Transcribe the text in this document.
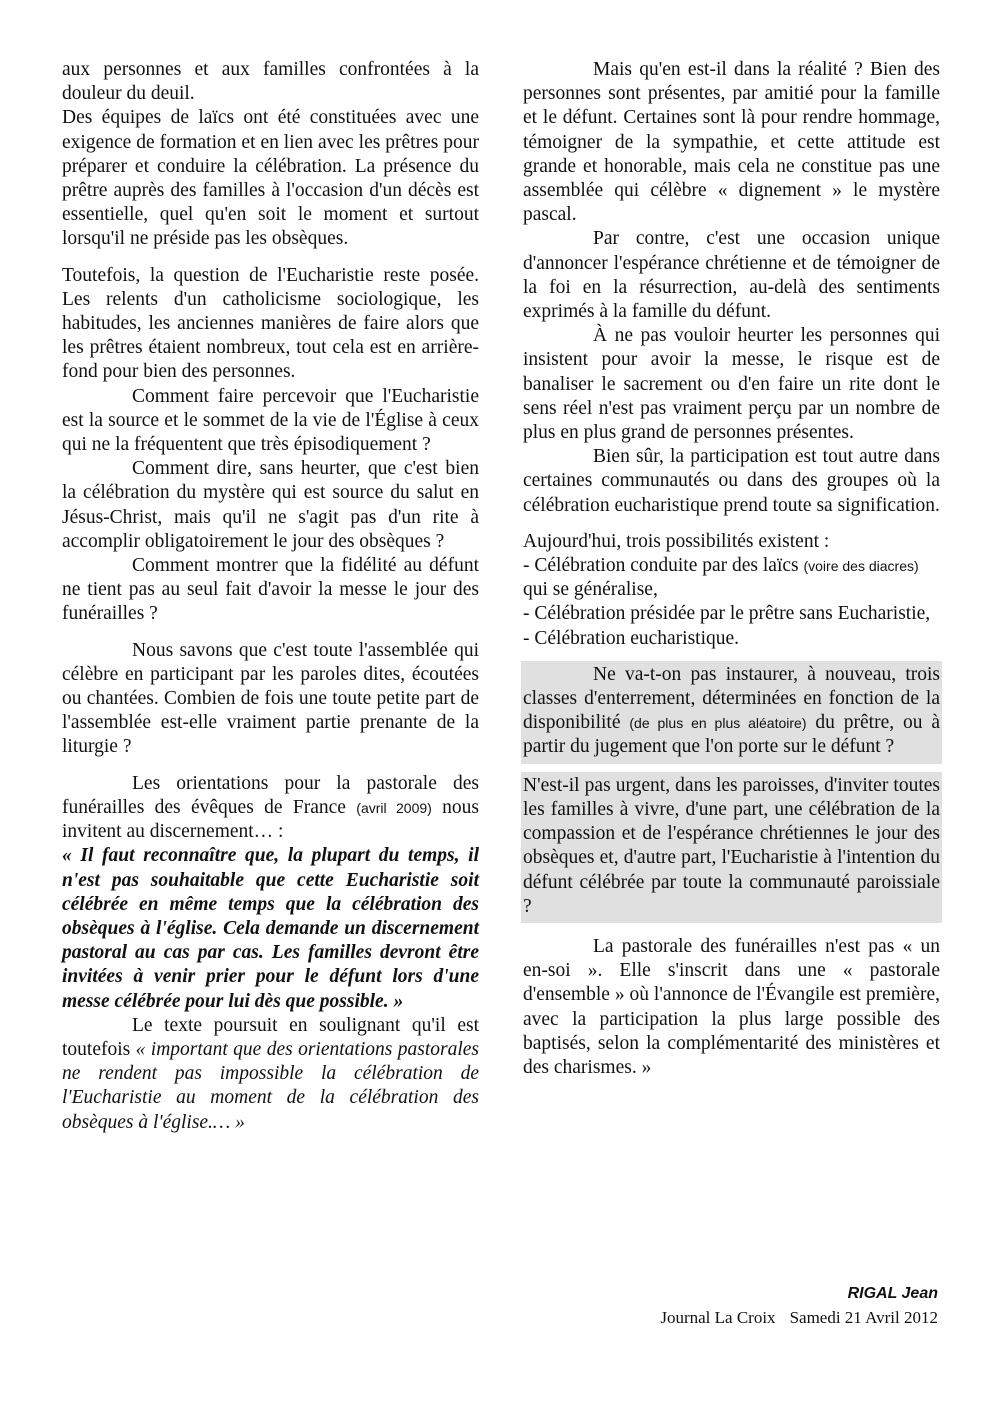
aux personnes et aux familles confrontées à la douleur du deuil.

Des équipes de laïcs ont été constituées avec une exigence de formation et en lien avec les prêtres pour préparer et conduire la célébration. La présence du prêtre auprès des familles à l'occasion d'un décès est essentielle, quel qu'en soit le moment et surtout lorsqu'il ne préside pas les obsèques.

Toutefois, la question de l'Eucharistie reste posée. Les relents d'un catholicisme sociologique, les habitudes, les anciennes manières de faire alors que les prêtres étaient nombreux, tout cela est en arrière-fond pour bien des personnes.

Comment faire percevoir que l'Eucharistie est la source et le sommet de la vie de l'Église à ceux qui ne la fréquentent que très épisodiquement ?

Comment dire, sans heurter, que c'est bien la célébration du mystère qui est source du salut en Jésus-Christ, mais qu'il ne s'agit pas d'un rite à accomplir obligatoirement le jour des obsèques ?

Comment montrer que la fidélité au défunt ne tient pas au seul fait d'avoir la messe le jour des funérailles ?

Nous savons que c'est toute l'assemblée qui célèbre en participant par les paroles dites, écoutées ou chantées. Combien de fois une toute petite part de l'assemblée est-elle vraiment partie prenante de la liturgie ?

Les orientations pour la pastorale des funérailles des évêques de France (avril 2009) nous invitent au discernement… :

« Il faut reconnaître que, la plupart du temps, il n'est pas souhaitable que cette Eucharistie soit célébrée en même temps que la célébration des obsèques à l'église. Cela demande un discernement pastoral au cas par cas. Les familles devront être invitées à venir prier pour le défunt lors d'une messe célébrée pour lui dès que possible. »

Le texte poursuit en soulignant qu'il est toutefois « important que des orientations pastorales ne rendent pas impossible la célébration de l'Eucharistie au moment de la célébration des obsèques à l'église.… »

Mais qu'en est-il dans la réalité ? Bien des personnes sont présentes, par amitié pour la famille et le défunt. Certaines sont là pour rendre hommage, témoigner de la sympathie, et cette attitude est grande et honorable, mais cela ne constitue pas une assemblée qui célèbre « dignement » le mystère pascal.

Par contre, c'est une occasion unique d'annoncer l'espérance chrétienne et de témoigner de la foi en la résurrection, au-delà des sentiments exprimés à la famille du défunt.

À ne pas vouloir heurter les personnes qui insistent pour avoir la messe, le risque est de banaliser le sacrement ou d'en faire un rite dont le sens réel n'est pas vraiment perçu par un nombre de plus en plus grand de personnes présentes.

Bien sûr, la participation est tout autre dans certaines communautés ou dans des groupes où la célébration eucharistique prend toute sa signification.

Aujourd'hui, trois possibilités existent :

- Célébration conduite par des laïcs (voire des diacres) qui se généralise,

- Célébration présidée par le prêtre sans Eucharistie,

- Célébration eucharistique.

Ne va-t-on pas instaurer, à nouveau, trois classes d'enterrement, déterminées en fonction de la disponibilité (de plus en plus aléatoire) du prêtre, ou à partir du jugement que l'on porte sur le défunt ?

N'est-il pas urgent, dans les paroisses, d'inviter toutes les familles à vivre, d'une part, une célébration de la compassion et de l'espérance chrétiennes le jour des obsèques et, d'autre part, l'Eucharistie à l'intention du défunt célébrée par toute la communauté paroissiale ?

La pastorale des funérailles n'est pas « un en-soi ». Elle s'inscrit dans une « pastorale d'ensemble » où l'annonce de l'Évangile est première, avec la participation la plus large possible des baptisés, selon la complémentarité des ministères et des charismes. »

RIGAL Jean
Journal La Croix Samedi 21 Avril 2012
